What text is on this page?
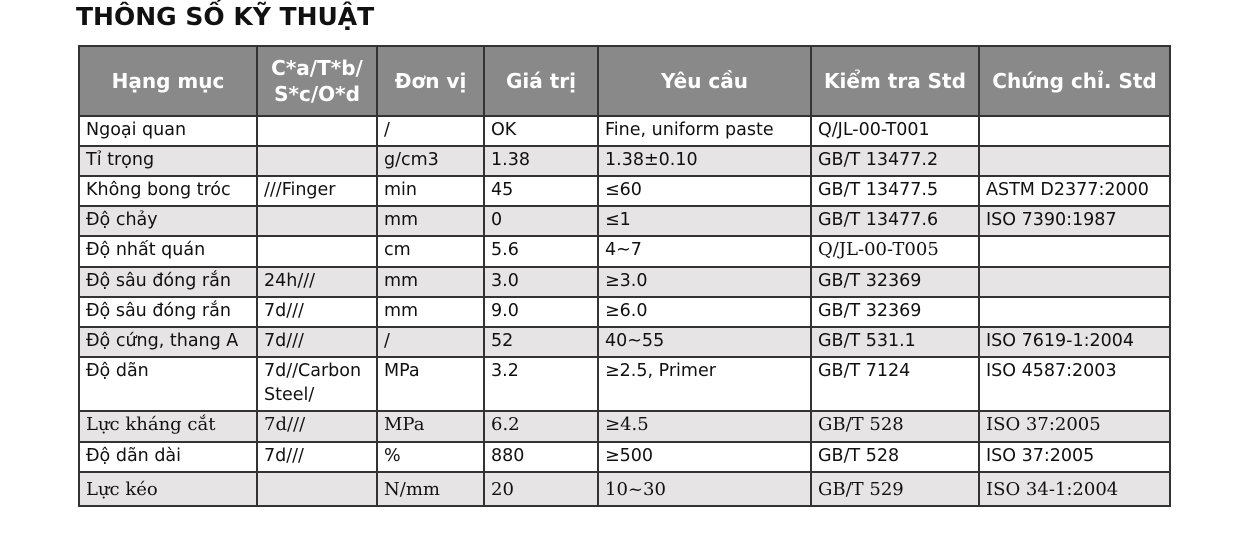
THÔNG SỐ KỸ THUẬT
Hạng mục	C*a/T*b/
S*c/O*d	Đơn vị	Giá trị	Yêu cầu	Kiểm tra Std	Chứng chỉ. Std
Ngoại quan		/	OK	Fine, uniform paste	Q/JL-00-T001	
Tỉ trọng		g/cm3	1.38	1.38±0.10	GB/T 13477.2	
Không bong tróc	///Finger	min	45	≤60	GB/T 13477.5	ASTM D2377:2000
Độ chảy		mm	0	≤1	GB/T 13477.6	ISO 7390:1987
Độ nhất quán		cm	5.6	4~7	Q/JL-00-T005	
Độ sâu đóng rắn	24h///	mm	3.0	≥3.0	GB/T 32369	
Độ sâu đóng rắn	7d///	mm	9.0	≥6.0	GB/T 32369	
Độ cứng, thang A	7d///	/	52	40~55	GB/T 531.1	ISO 7619-1:2004
Độ dãn	7d//Carbon
Steel/	MPa	3.2	≥2.5, Primer	GB/T 7124	ISO 4587:2003
Lực kháng cắt	7d///	MPa	6.2	≥4.5	GB/T 528	ISO 37:2005
Độ dãn dài	7d///	%	880	≥500	GB/T 528	ISO 37:2005
Lực kéo		N/mm	20	10~30	GB/T 529	ISO 34-1:2004
